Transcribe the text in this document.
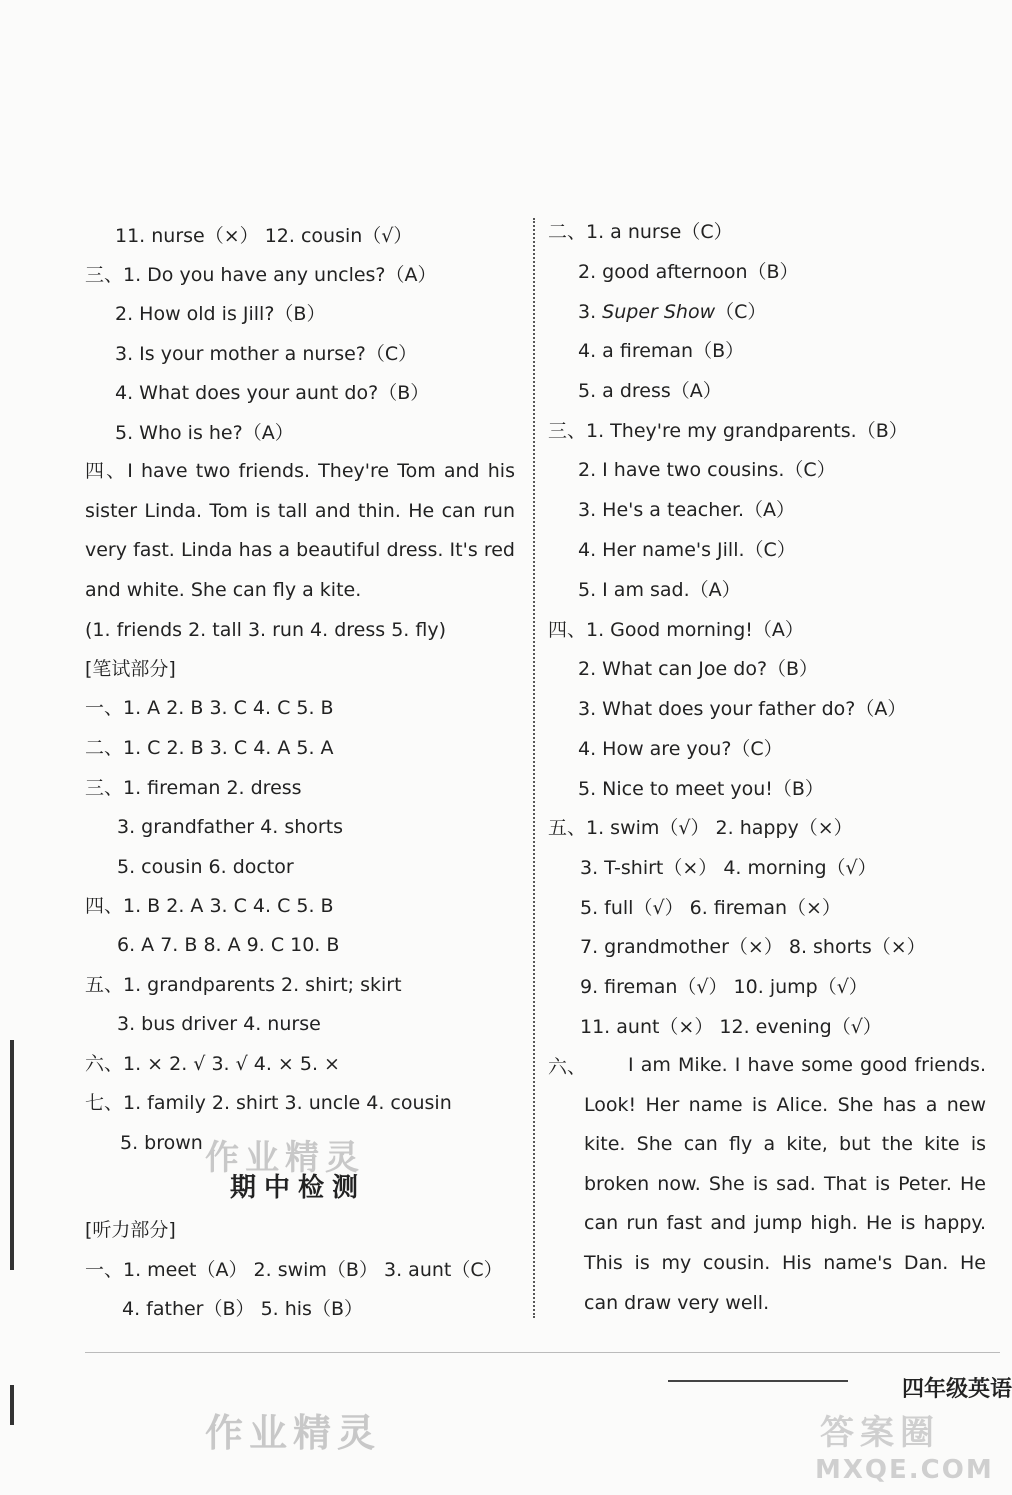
11. nurse（×） 12. cousin（√）
三、1. Do you have any uncles?（A）
2. How old is Jill?（B）
3. Is your mother a nurse?（C）
4. What does your aunt do?（B）
5. Who is he?（A）
四、I have two friends. They're Tom and his sister Linda. Tom is tall and thin. He can run very fast. Linda has a beautiful dress. It's red and white. She can fly a kite.
(1. friends 2. tall 3. run 4. dress 5. fly)
[笔试部分]
一、1. A 2. B 3. C 4. C 5. B
二、1. C 2. B 3. C 4. A 5. A
三、1. fireman 2. dress
3. grandfather 4. shorts
5. cousin 6. doctor
四、1. B 2. A 3. C 4. C 5. B
6. A 7. B 8. A 9. C 10. B
五、1. grandparents 2. shirt; skirt
3. bus driver 4. nurse
六、1. × 2. √ 3. √ 4. × 5. ×
七、1. family 2. shirt 3. uncle 4. cousin
5. brown 作业精灵
期中检测
[听力部分]
一、1. meet（A） 2. swim（B） 3. aunt（C）
4. father（B） 5. his（B）
二、1. a nurse（C）
2. good afternoon（B）
3. Super Show（C）
4. a fireman（B）
5. a dress（A）
三、1. They're my grandparents.（B）
2. I have two cousins.（C）
3. He's a teacher.（A）
4. Her name's Jill.（C）
5. I am sad.（A）
四、1. Good morning!（A）
2. What can Joe do?（B）
3. What does your father do?（A）
4. How are you?（C）
5. Nice to meet you!（B）
五、1. swim（√） 2. happy（×）
3. T-shirt（×） 4. morning（√）
5. full（√） 6. fireman（×）
7. grandmother（×） 8. shorts（×）
9. fireman（√） 10. jump（√）
11. aunt（×） 12. evening（√）
六、	I am Mike. I have some good friends. Look! Her name is Alice. She has a new kite. She can fly a kite, but the kite is broken now. She is sad. That is Peter. He can run fast and jump high. He is happy. This is my cousin. His name's Dan. He can draw very well.
四年级英语
作业精灵	答案圈
MXQE.COM
